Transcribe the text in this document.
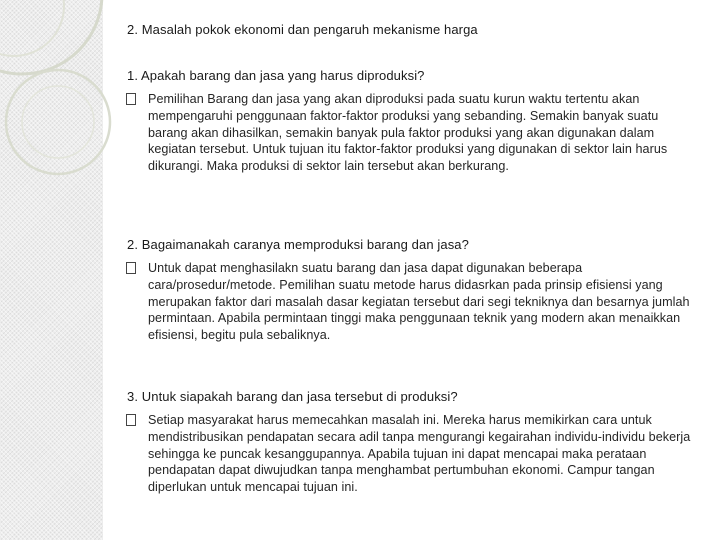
2. Masalah pokok ekonomi dan pengaruh mekanisme harga
1. Apakah barang dan jasa yang harus diproduksi?
Pemilihan Barang dan jasa yang akan diproduksi pada suatu kurun waktu tertentu akan mempengaruhi penggunaan faktor-faktor produksi yang sebanding. Semakin banyak suatu barang akan dihasilkan, semakin banyak pula faktor produksi yang akan digunakan dalam kegiatan tersebut. Untuk tujuan itu faktor-faktor produksi yang digunakan di sektor lain harus dikurangi. Maka produksi di sektor lain tersebut akan berkurang.
2. Bagaimanakah caranya memproduksi barang dan jasa?
Untuk dapat menghasilakn suatu barang dan jasa dapat digunakan beberapa cara/prosedur/metode. Pemilihan suatu metode harus didasrkan pada prinsip efisiensi yang merupakan faktor dari masalah dasar kegiatan tersebut dari segi tekniknya dan besarnya jumlah permintaan. Apabila permintaan tinggi maka penggunaan teknik yang modern akan menaikkan efisiensi, begitu pula sebaliknya.
3. Untuk siapakah barang dan jasa tersebut di produksi?
Setiap masyarakat harus memecahkan masalah ini. Mereka harus memikirkan cara untuk mendistribusikan pendapatan secara adil tanpa mengurangi kegairahan individu-individu bekerja sehingga ke puncak kesanggupannya. Apabila tujuan ini dapat mencapai maka perataan pendapatan dapat diwujudkan tanpa menghambat pertumbuhan ekonomi. Campur tangan diperlukan untuk mencapai tujuan ini.
